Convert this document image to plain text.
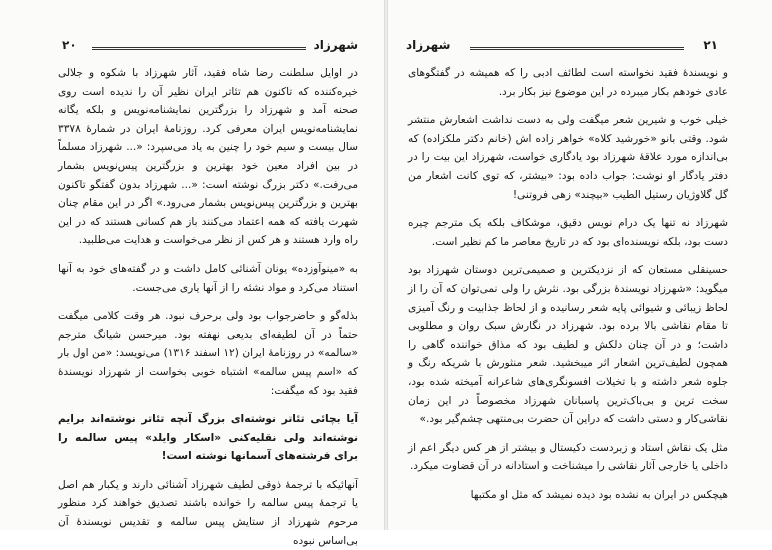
۲۰	شهرزاد

در اوایل سلطنت رضا شاه فقید، آثار شهرزاد با شکوه و جلالی خیره‌کننده که تاکنون هم تئاتر ایران نظیر آن را ندیده است روی صحنه آمد و شهرزاد را بزرگترین نمایشنامه‌نویس و بلکه یگانه نمایشنامه‌نویس ایران معرفی کرد. روزنامهٔ ایران در شمارهٔ ۳۳۷۸ سال بیست و سیم خود را چنین به یاد می‌سپرد: «... شهرزاد مسلماً در بین افراد معین خود بهترین و بزرگترین پیس‌نویس بشمار می‌رفت.» دکتر بزرگ نوشته است: «... شهرزاد بدون گفتگو تاکنون بهترین و بزرگترین پیس‌نویس بشمار می‌رود.» اگر در این مقام چنان شهرت یافته که همه اعتماد می‌کنند باز هم کسانی هستند که در این راه وارد هستند و هر کس از نظر می‌خواست و هدایت می‌طلبید.

به «مینوآوزده» یونان آشنائی کامل داشت و در گفته‌های خود به آنها استناد می‌کرد و مواد نشئه را از آنها یاری می‌جست.

بذله‌گو و حاضرجواب بود ولی برحرف نبود. هر وقت کلامی میگفت حتماً در آن لطیفه‌ای بدیعی نهفته بود. میرحسن شیانگ مترجم «سالمه» در روزنامهٔ ایران (۱۲ اسفند ۱۳۱۶) می‌نویسد: «من اول بار که «اسم پیس سالمه» اشتباه خوبی بخواست از شهرزاد نویسندهٔ فقید بود که میگفت:

آیا بچائی تئاتر نوشته‌ای بزرگ آنچه تئاتر نوشته‌اند برایم نوشته‌اند ولی نقلیه‌کنی «اسکار وایلد» پیس سالمه را برای فرشته‌های آسمانها نوشته است!

آنهائیکه با ترجمهٔ ذوقی لطیف شهرزاد آشنائی دارند و یکبار هم اصل یا ترجمهٔ پیس سالمه را خوانده باشند تصدیق خواهند کرد منظور مرحوم شهرزاد از ستایش پیس سالمه و تقدیس نویسندهٔ آن بی‌اساس نبوده

شهرزاد	۲۱

و نویسندهٔ فقید نخواسته است لطائف ادبی را که همیشه در گفتگوهای عادی خودهم بکار میبرده در این موضوع نیز بکار برد.

خیلی خوب و شیرین شعر میگفت ولی به دست نداشت اشعارش منتشر شود. وقتی بانو «خورشید کلاه» خواهر زاده اش (خانم دکتر ملکزاده) که بی‌اندازه مورد علاقهٔ شهرزاد بود یادگاری خواست، شهرزاد این بیت را در دفتر یادگار او نوشت: جواب داده بود: «بیشتر، که توی کانت اشعار من گل گلاوژیان رستیل الطیب «بیچند» زهی فروتنی!

شهرزاد نه تنها یک درام نویس دقیق، موشکاف بلکه یک مترجم چیره دست بود، بلکه نویسنده‌ای بود که در تاریخ معاصر ما کم نظیر است.

حسینقلی مستعان که از نزدیکترین و صمیمی‌ترین دوستان شهرزاد بود میگوید: «شهرزاد نویسندهٔ بزرگی بود. نثرش را ولی نمی‌توان که آن را از لحاظ زیبائی و شیوائی پایه شعر رسانیده و از لحاظ جذابیت و رنگ آمیزی تا مقام نقاشی بالا برده بود. شهرزاد در نگارش سبک روان و مطلوبی داشت؛ و در آن چنان دلکش و لطیف بود که مذاق خواننده گاهی را همچون لطیف‌ترین اشعار اثر میبخشید. شعر منثورش با شریکه رنگ و جلوه شعر داشته و با تخیلات افسونگری‌های شاعرانه آمیخته شده بود، سخت ترین و بی‌باک‌ترین پاسبانان شهرزاد مخصوصاً در این زمان نقاشی‌کار و دستی داشت که دراین آن حضرت بی‌منتهی چشم‌گیر بود.»

مثل یک نقاش استاد و زبردست دکیستال و بیشتر از هر کس دیگر اعم از داخلی یا خارجی آثار نقاشی را میشناخت و استادانه در آن قضاوت میکرد.

هیچکس در ایران به نشده بود دیده نمیشد که مثل او مکتبها
